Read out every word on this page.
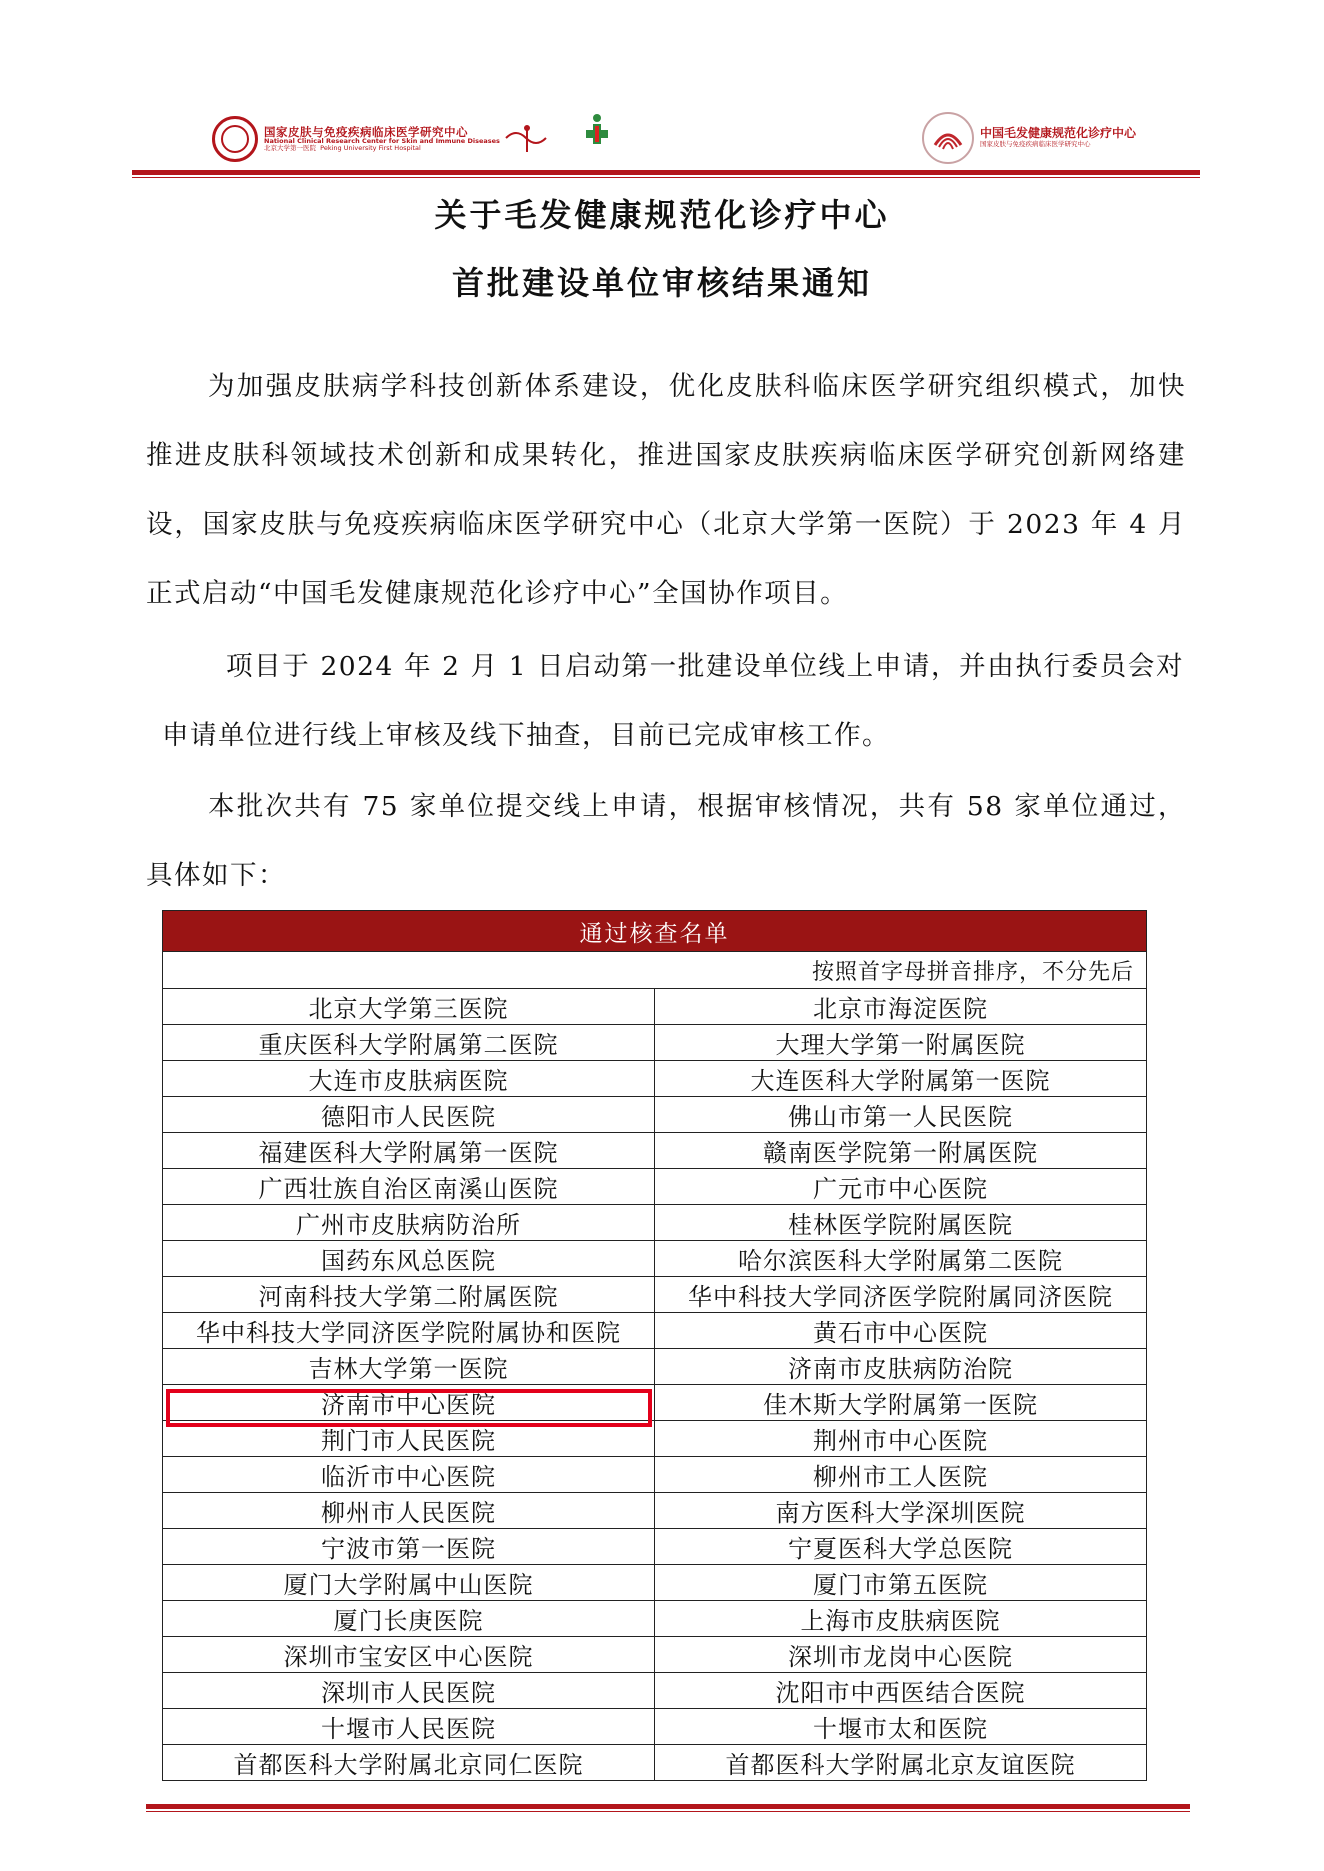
国家皮肤与免疫疾病临床医学研究中心
National Clinical Research Center for Skin and Immune Diseases
北京大学第一医院 Peking University First Hospital
中国毛发健康规范化诊疗中心
国家皮肤与免疫疾病临床医学研究中心
关于毛发健康规范化诊疗中心
首批建设单位审核结果通知
为加强皮肤病学科技创新体系建设，优化皮肤科临床医学研究组织模式，加快推进皮肤科领域技术创新和成果转化，推进国家皮肤疾病临床医学研究创新网络建设，国家皮肤与免疫疾病临床医学研究中心（北京大学第一医院）于 2023 年 4 月正式启动“中国毛发健康规范化诊疗中心”全国协作项目。
项目于 2024 年 2 月 1 日启动第一批建设单位线上申请，并由执行委员会对申请单位进行线上审核及线下抽查，目前已完成审核工作。
本批次共有 75 家单位提交线上申请，根据审核情况，共有 58 家单位通过，具体如下：
通过核查名单	
按照首字母拼音排序，不分先后	
北京大学第三医院	北京市海淀医院
重庆医科大学附属第二医院	大理大学第一附属医院
大连市皮肤病医院	大连医科大学附属第一医院
德阳市人民医院	佛山市第一人民医院
福建医科大学附属第一医院	赣南医学院第一附属医院
广西壮族自治区南溪山医院	广元市中心医院
广州市皮肤病防治所	桂林医学院附属医院
国药东风总医院	哈尔滨医科大学附属第二医院
河南科技大学第二附属医院	华中科技大学同济医学院附属同济医院
华中科技大学同济医学院附属协和医院	黄石市中心医院
吉林大学第一医院	济南市皮肤病防治院
济南市中心医院	佳木斯大学附属第一医院
荆门市人民医院	荆州市中心医院
临沂市中心医院	柳州市工人医院
柳州市人民医院	南方医科大学深圳医院
宁波市第一医院	宁夏医科大学总医院
厦门大学附属中山医院	厦门市第五医院
厦门长庚医院	上海市皮肤病医院
深圳市宝安区中心医院	深圳市龙岗中心医院
深圳市人民医院	沈阳市中西医结合医院
十堰市人民医院	十堰市太和医院
首都医科大学附属北京同仁医院	首都医科大学附属北京友谊医院
